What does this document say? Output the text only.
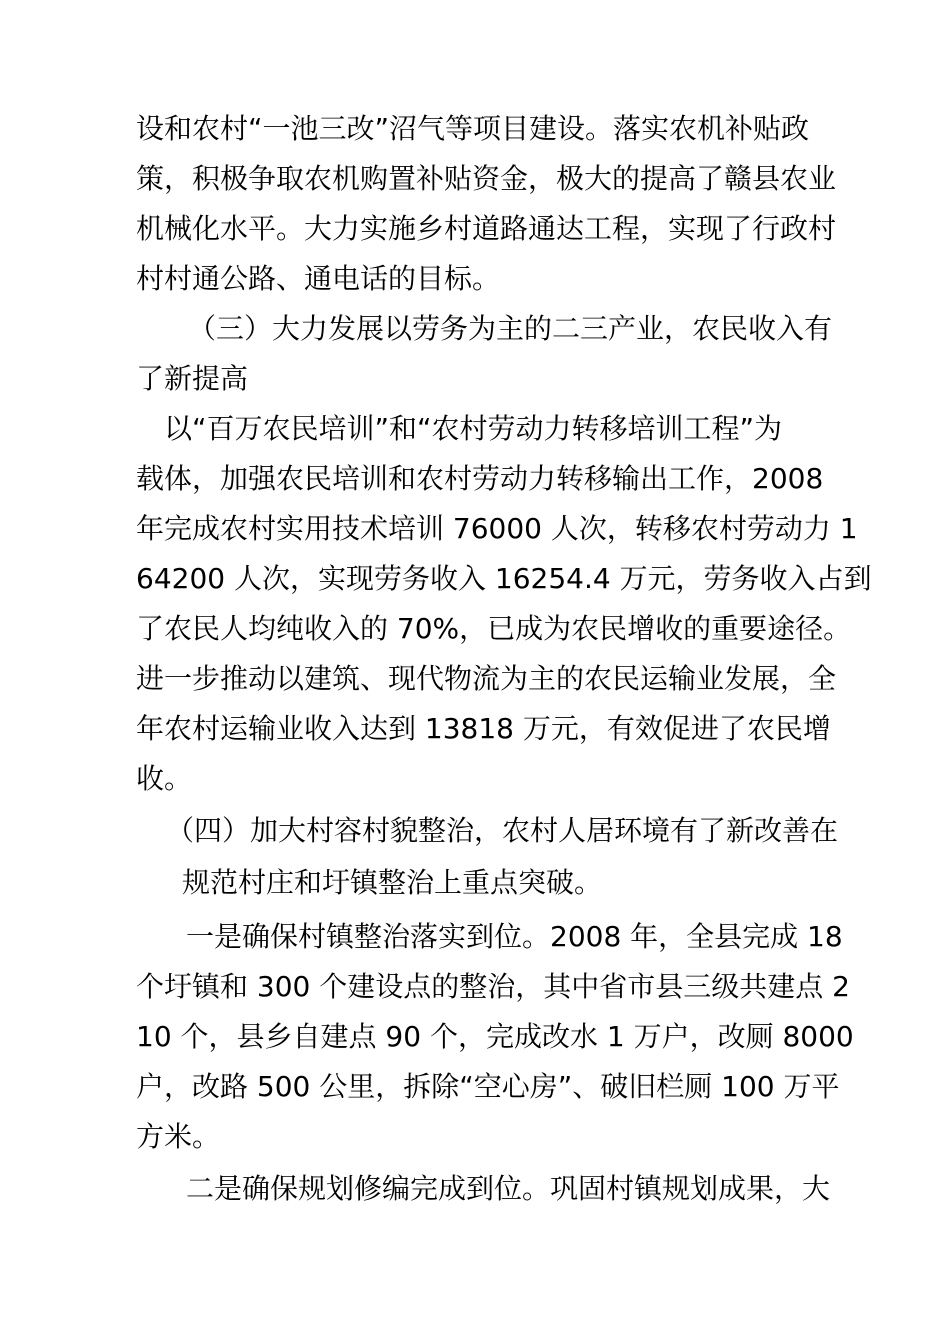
设和农村“一池三改”沼气等项目建设。落实农机补贴政
策，积极争取农机购置补贴资金，极大的提高了赣县农业
机械化水平。大力实施乡村道路通达工程，实现了行政村
村村通公路、通电话的目标。
（三）大力发展以劳务为主的二三产业，农民收入有
了新提高
以“百万农民培训”和“农村劳动力转移培训工程”为
载体，加强农民培训和农村劳动力转移输出工作，2008
年完成农村实用技术培训 76000 人次，转移农村劳动力 1
64200 人次，实现劳务收入 16254.4 万元，劳务收入占到
了农民人均纯收入的 70%，已成为农民增收的重要途径。
进一步推动以建筑、现代物流为主的农民运输业发展，全
年农村运输业收入达到 13818 万元，有效促进了农民增
收。
（四）加大村容村貌整治，农村人居环境有了新改善在
规范村庄和圩镇整治上重点突破。
一是确保村镇整治落实到位。2008 年，全县完成 18
个圩镇和 300 个建设点的整治，其中省市县三级共建点 2
10 个，县乡自建点 90 个，完成改水 1 万户，改厕 8000
户，改路 500 公里，拆除“空心房”、破旧栏厕 100 万平
方米。
二是确保规划修编完成到位。巩固村镇规划成果，大
